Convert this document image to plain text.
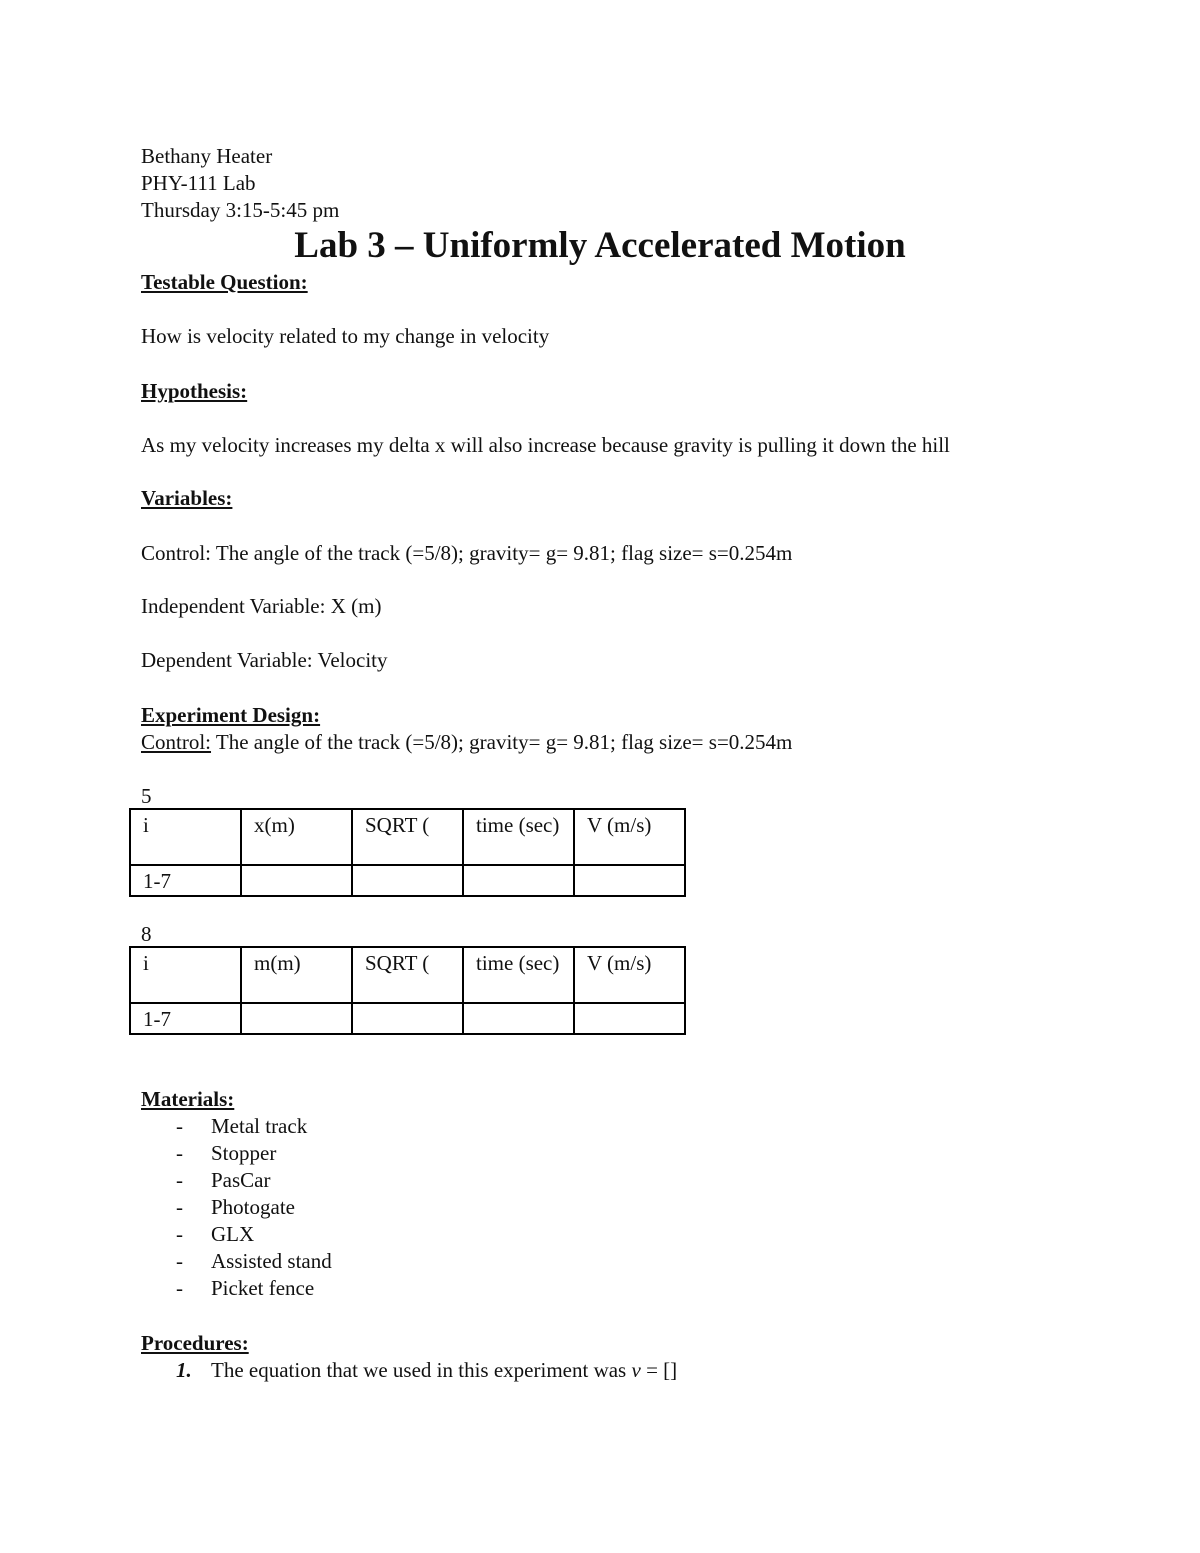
Bethany Heater
PHY-111 Lab
Thursday 3:15-5:45 pm
Lab 3 – Uniformly Accelerated Motion
Testable Question:
How is velocity related to my change in velocity
Hypothesis:
As my velocity increases my delta x will also increase because gravity is pulling it down the hill
Variables:
Control: The angle of the track (=5/8); gravity= g= 9.81; flag size= s=0.254m
Independent Variable: X (m)
Dependent Variable: Velocity
Experiment Design:
Control: The angle of the track (=5/8); gravity= g= 9.81; flag size= s=0.254m
5
i	x(m)	SQRT (	time (sec)	V (m/s)
1-7				
8
i	m(m)	SQRT (	time (sec)	V (m/s)
1-7				
Materials:
- Metal track
- Stopper
- PasCar
- Photogate
- GLX
- Assisted stand
- Picket fence
Procedures:
1. The equation that we used in this experiment was v = []
